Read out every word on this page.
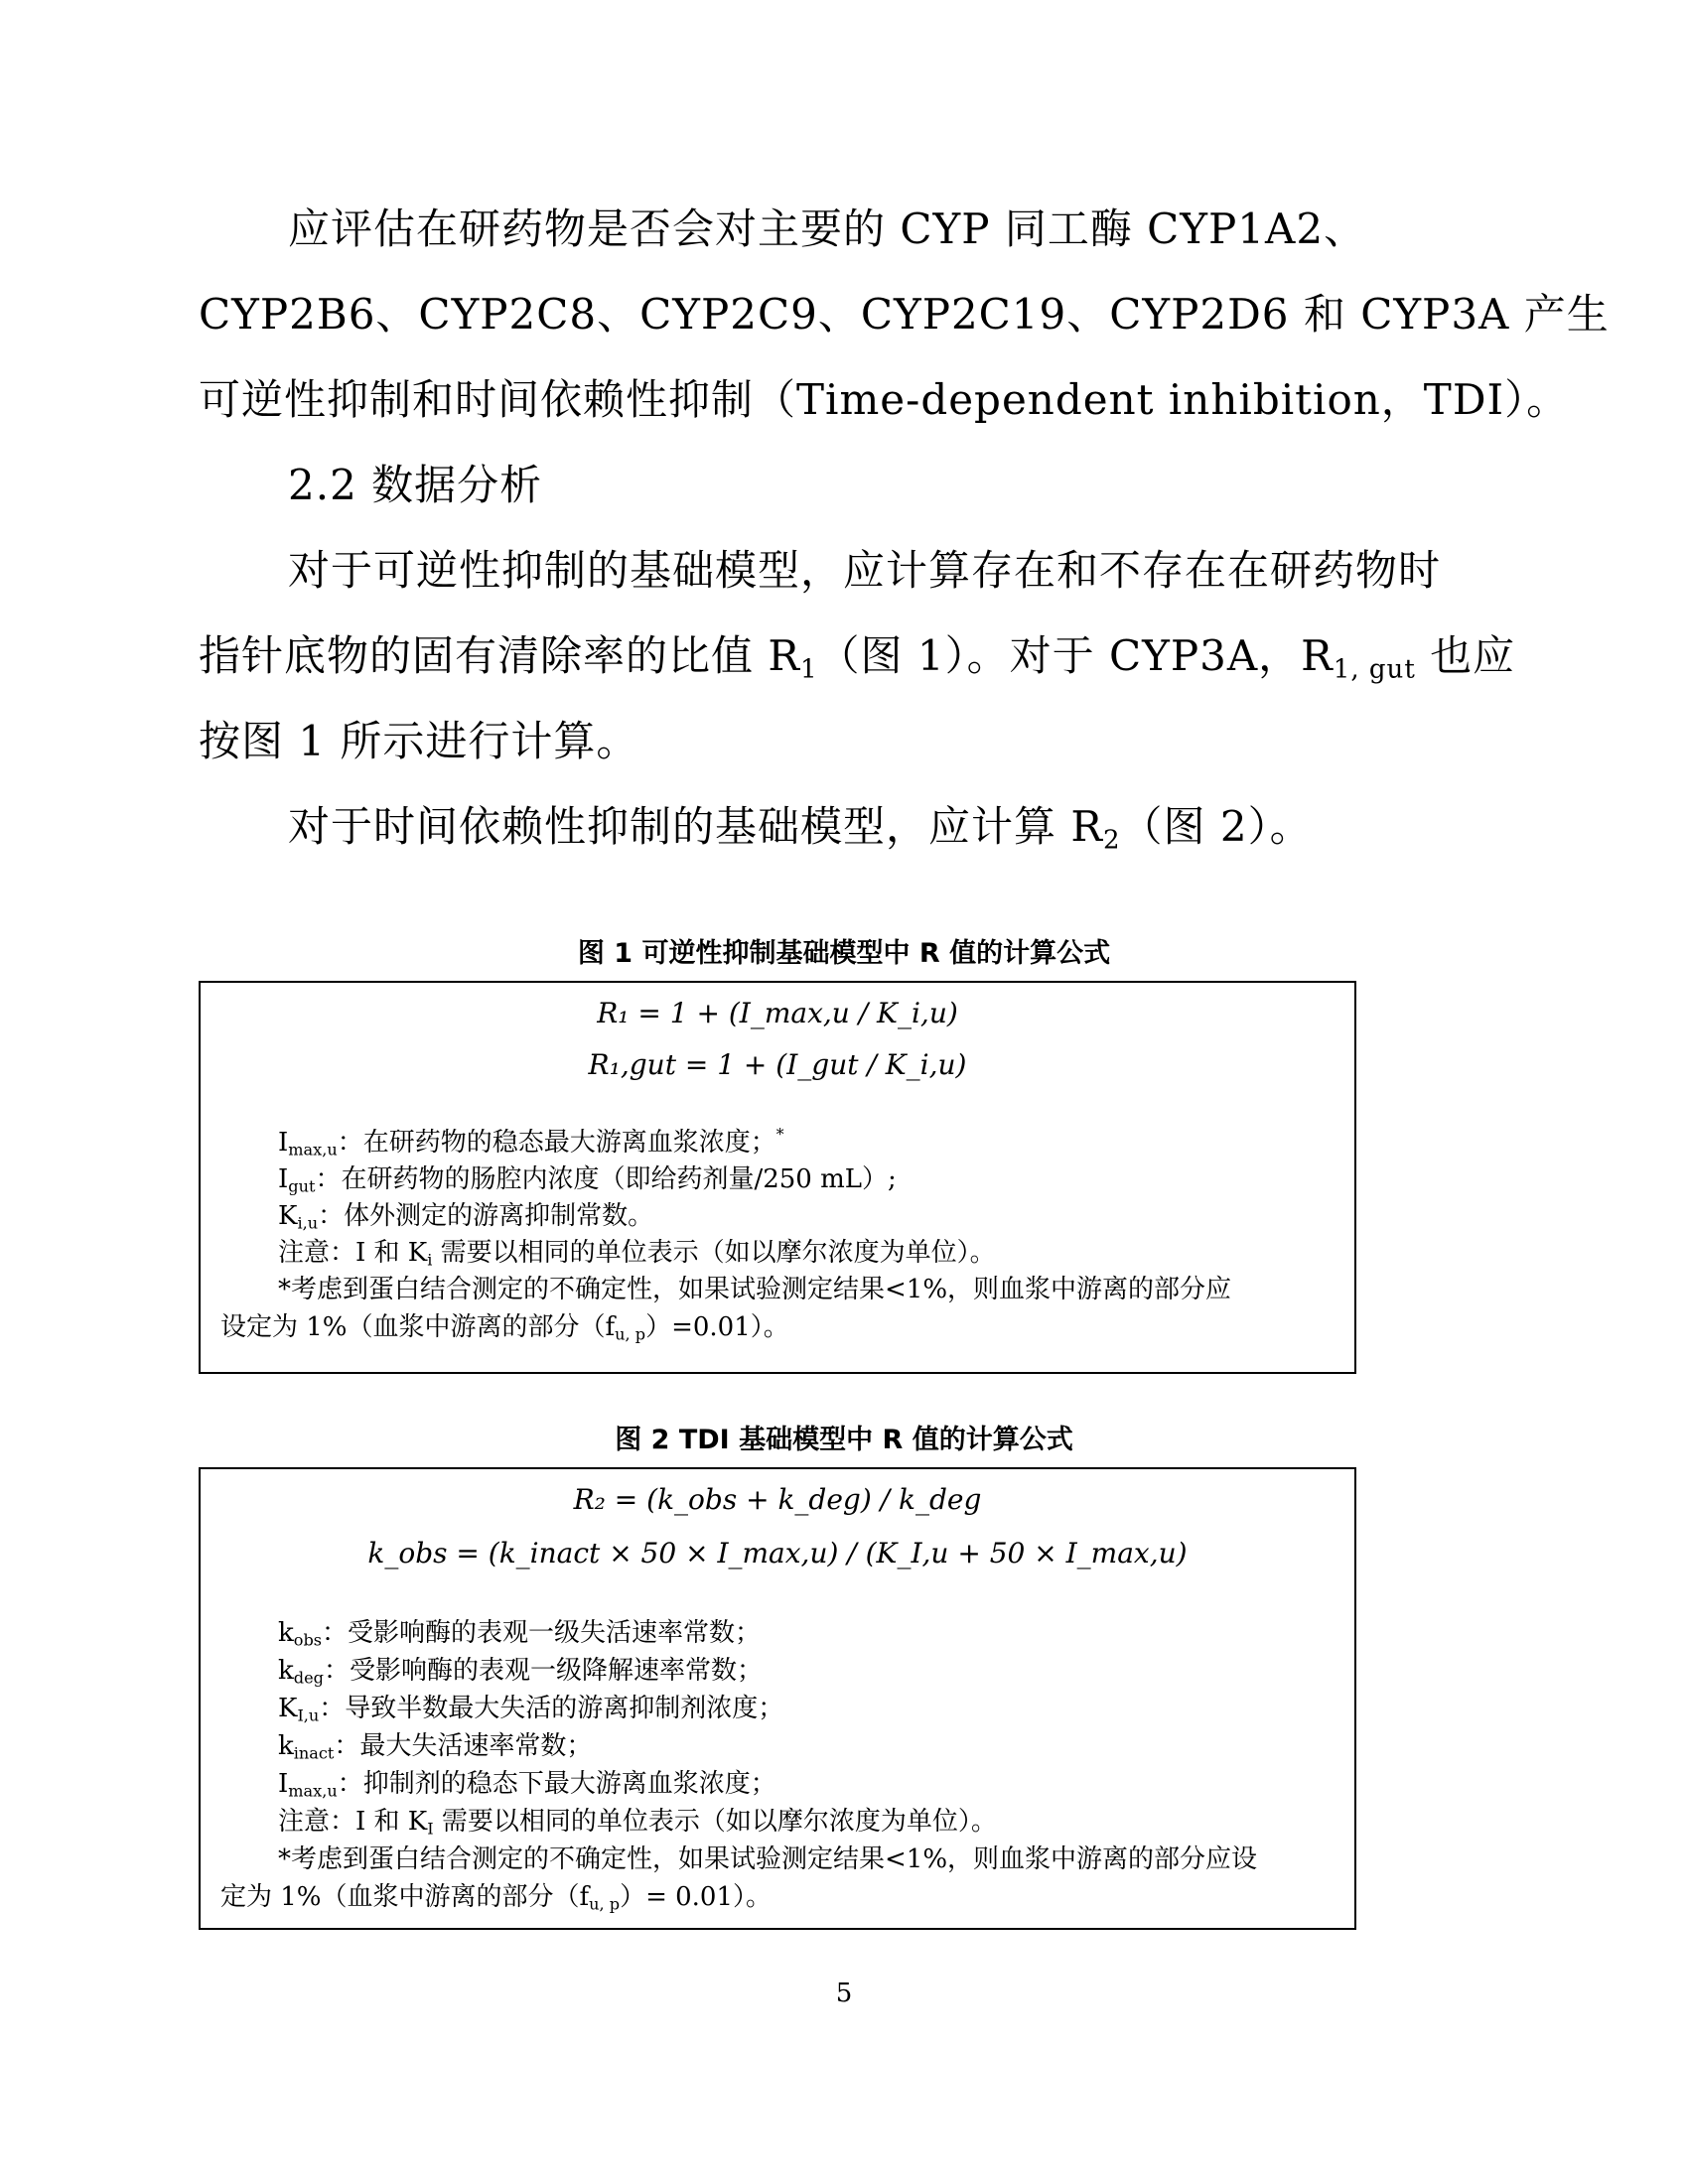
应评估在研药物是否会对主要的 CYP 同工酶 CYP1A2、
CYP2B6、CYP2C8、CYP2C9、CYP2C19、CYP2D6 和 CYP3A 产生
可逆性抑制和时间依赖性抑制（Time-dependent inhibition，TDI）。
2.2 数据分析
对于可逆性抑制的基础模型，应计算存在和不存在在研药物时
指针底物的固有清除率的比值 $R_1$（图 1）。对于 CYP3A，$R_{1, gut}$ 也应
按图 1 所示进行计算。
对于时间依赖性抑制的基础模型，应计算 $R_2$（图 2）。
图 1 可逆性抑制基础模型中 R 值的计算公式
R₁ = 1 + (I_max,u / K_i,u)
R₁,gut = 1 + (I_gut / K_i,u)
$I_{max,u}$：在研药物的稳态最大游离血浆浓度；*
$I_{gut}$：在研药物的肠腔内浓度（即给药剂量/250 mL）;
$K_{i,u}$：体外测定的游离抑制常数。
注意：I 和 $K_i$ 需要以相同的单位表示（如以摩尔浓度为单位）。
*考虑到蛋白结合测定的不确定性，如果试验测定结果<1%，则血浆中游离的部分应
设定为 1%（血浆中游离的部分$(f_{u, p})=0.01$）。
图 2 TDI 基础模型中 R 值的计算公式
R₂ = (k_obs + k_deg) / k_deg
k_obs = (k_inact × 50 × I_max,u) / (K_I,u + 50 × I_max,u)
$k_{obs}$：受影响酶的表观一级失活速率常数；
$k_{deg}$：受影响酶的表观一级降解速率常数；
$K_{I,u}$：导致半数最大失活的游离抑制剂浓度；
$k_{inact}$：最大失活速率常数；
$I_{max,u}$：抑制剂的稳态下最大游离血浆浓度；
注意：I 和 $K_I$ 需要以相同的单位表示（如以摩尔浓度为单位）。
*考虑到蛋白结合测定的不确定性，如果试验测定结果<1%，则血浆中游离的部分应设
定为 1%（血浆中游离的部分$(f_{u, p})= 0.01$）。
5
